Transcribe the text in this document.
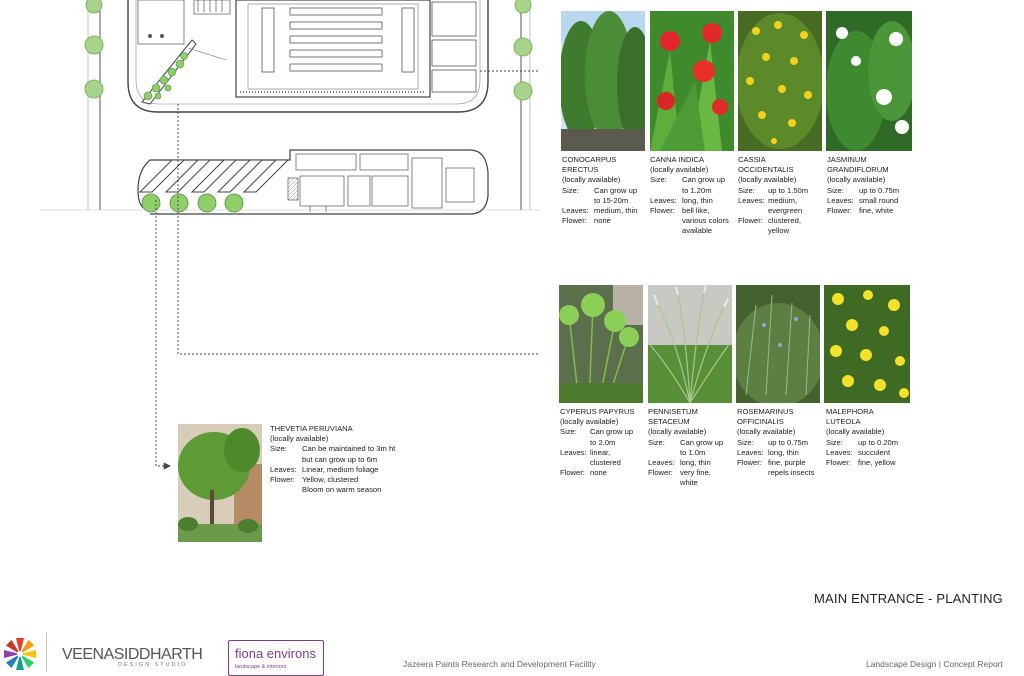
CONOCARPUS
ERECTUS
(locally available)
Size:	Can grow up
to 15-20m
Leaves: medium, thin
Flower: none
CANNA INDICA
(locally available)
Size:	Can grow up
to 1.20m
Leaves: long, thin
Flower: bell like,
various colors
available
CASSIA
OCCIDENTALIS
(locally available)
Size:	up to 1.50m
Leaves: medium,
evergreen
Flower: clustered,
yellow
JASMINUM
GRANDIFLORUM
(locally available)
Size:	up to 0.75m
Leaves: small round
Flower: fine, white
CYPERUS PAPYRUS
(locally available)
Size:	Can grow up
to 2.0m
Leaves: linear,
clustered
Flower: none
PENNISETUM
SETACEUM
(locally available)
Size:	Can grow up
to 1.0m
Leaves: long, thin
Flower: very fine,
white
ROSEMARINUS
OFFICINALIS
(locally available)
Size:	up to 0.75m
Leaves: long, thin
Flower: fine, purple
repels insects
MALEPHORA
LUTEOLA
(locally available)
Size:	up to 0.20m
Leaves: succulent
Flower: fine, yellow
THEVETIA PERUVIANA
(locally available)
Size:	Can be maintained to 3m ht
but can grow up to 6m
Leaves: Linear, medium foliage
Flower: Yellow, clustered
Bloom on warm season
MAIN ENTRANCE - PLANTING
VEENASIDDHARTH
DESIGN STUDIO
fiona environs
landscape & interiors	Jazeera Paints Research and Development Facility	Landscape Design | Concept Report
